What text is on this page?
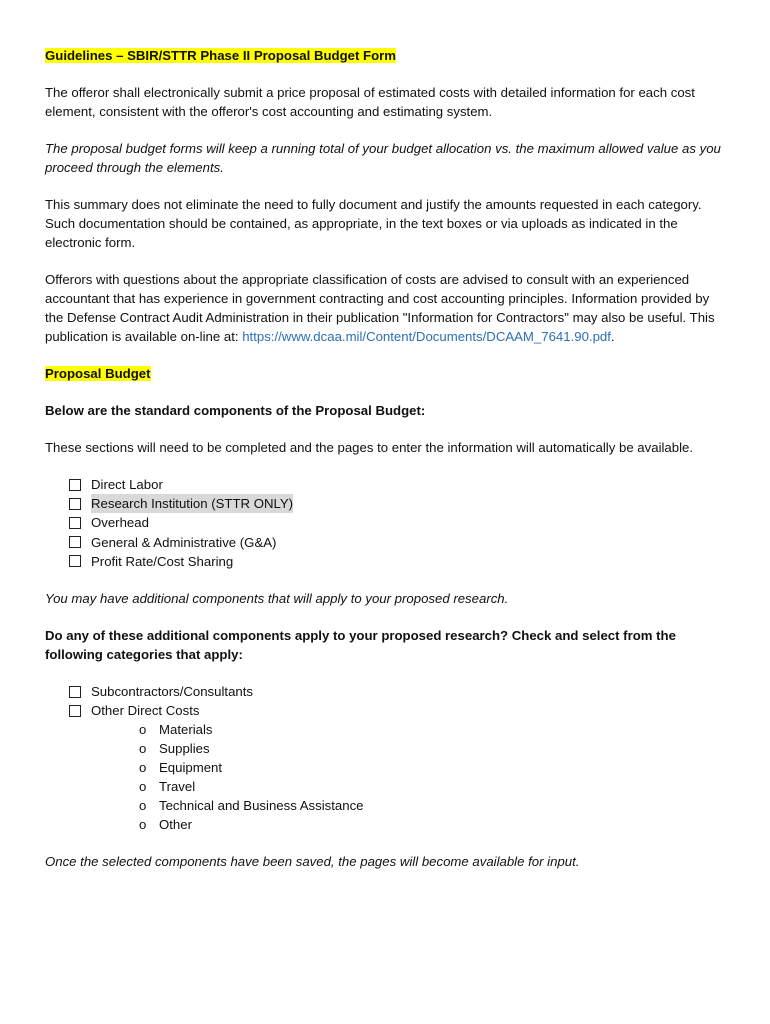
Guidelines – SBIR/STTR Phase II Proposal Budget Form

The offeror shall electronically submit a price proposal of estimated costs with detailed information for each cost element, consistent with the offeror's cost accounting and estimating system.

The proposal budget forms will keep a running total of your budget allocation vs. the maximum allowed value as you proceed through the elements.

This summary does not eliminate the need to fully document and justify the amounts requested in each category. Such documentation should be contained, as appropriate, in the text boxes or via uploads as indicated in the electronic form.

Offerors with questions about the appropriate classification of costs are advised to consult with an experienced accountant that has experience in government contracting and cost accounting principles. Information provided by the Defense Contract Audit Administration in their publication "Information for Contractors" may also be useful. This publication is available on-line at: https://www.dcaa.mil/Content/Documents/DCAAM_7641.90.pdf.

Proposal Budget

Below are the standard components of the Proposal Budget:

These sections will need to be completed and the pages to enter the information will automatically be available.

Direct Labor
Research Institution (STTR ONLY)
Overhead
General & Administrative (G&A)
Profit Rate/Cost Sharing

You may have additional components that will apply to your proposed research.

Do any of these additional components apply to your proposed research? Check and select from the following categories that apply:

Subcontractors/Consultants
Other Direct Costs
o Materials
o Supplies
o Equipment
o Travel
o Technical and Business Assistance
o Other

Once the selected components have been saved, the pages will become available for input.
